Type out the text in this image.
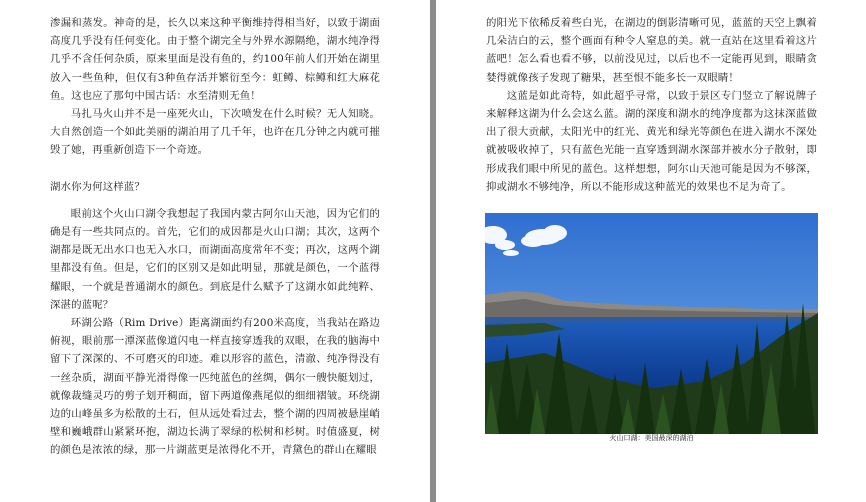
渗漏和蒸发。神奇的是，长久以来这种平衡维持得相当好，以致于湖面高度几乎没有任何变化。由于整个湖完全与外界水源隔绝，湖水纯净得几乎不含任何杂质，原来里面是没有鱼的，约100年前人们开始在湖里放入一些鱼种，但仅有3种鱼存活并繁衍至今：虹鳟、棕鳟和红大麻花鱼。这也应了那句中国古话：水至清则无鱼！

马扎马火山并不是一座死火山，下次喷发在什么时候？无人知晓。大自然创造一个如此美丽的湖泊用了几千年，也许在几分钟之内就可摧毁了她，再重新创造下一个奇迹。

湖水你为何这样蓝？

眼前这个火山口湖令我想起了我国内蒙古阿尔山天池，因为它们的确是有一些共同点的。首先，它们的成因都是火山口湖；其次，这两个湖都是既无出水口也无入水口，而湖面高度常年不变；再次，这两个湖里都没有鱼。但是，它们的区别又是如此明显，那就是颜色，一个蓝得耀眼，一个就是普通湖水的颜色。到底是什么赋予了这湖水如此纯粹、深湛的蓝呢？

环湖公路（Rim Drive）距离湖面约有200米高度，当我站在路边俯视，眼前那一潭深蓝像道闪电一样直接穿透我的双眼，在我的脑海中留下了深深的、不可磨灭的印迹。难以形容的蓝色，清澈、纯净得没有一丝杂质，湖面平静光滑得像一匹纯蓝色的丝绸，偶尔一艘快艇划过，就像裁缝灵巧的剪子划开稠面，留下两道像燕尾似的细细褶皱。环绕湖边的山峰虽多为松散的土石，但从远处看过去，整个湖的四周被悬崖峭壁和巍峨群山紧紧环抱，湖边长满了翠绿的松树和杉树。时值盛夏，树的颜色是浓浓的绿，那一片湖蓝更是浓得化不开，青黛色的群山在耀眼

的阳光下依稀反着些白光，在湖边的倒影清晰可见，蓝蓝的天空上飘着几朵洁白的云，整个画面有种令人窒息的美。就一直站在这里看着这片蓝吧！怎么看也看不够，以前没见过，以后也不一定能再见到，眼睛贪婪得就像孩子发现了糖果，甚至恨不能多长一双眼睛！

这蓝是如此奇特，如此超乎寻常，以致于景区专门竖立了解说牌子来解释这湖为什么会这么蓝。湖的深度和湖水的纯净度都为这抹深蓝做出了很大贡献，太阳光中的红光、黄光和绿光等颜色在进入湖水不深处就被吸收掉了，只有蓝色光能一直穿透到湖水深部并被水分子散射，即形成我们眼中所见的蓝色。这样想想，阿尔山天池可能是因为不够深，抑或湖水不够纯净，所以不能形成这种蓝光的效果也不足为奇了。

火山口湖：美国最深的湖泊
